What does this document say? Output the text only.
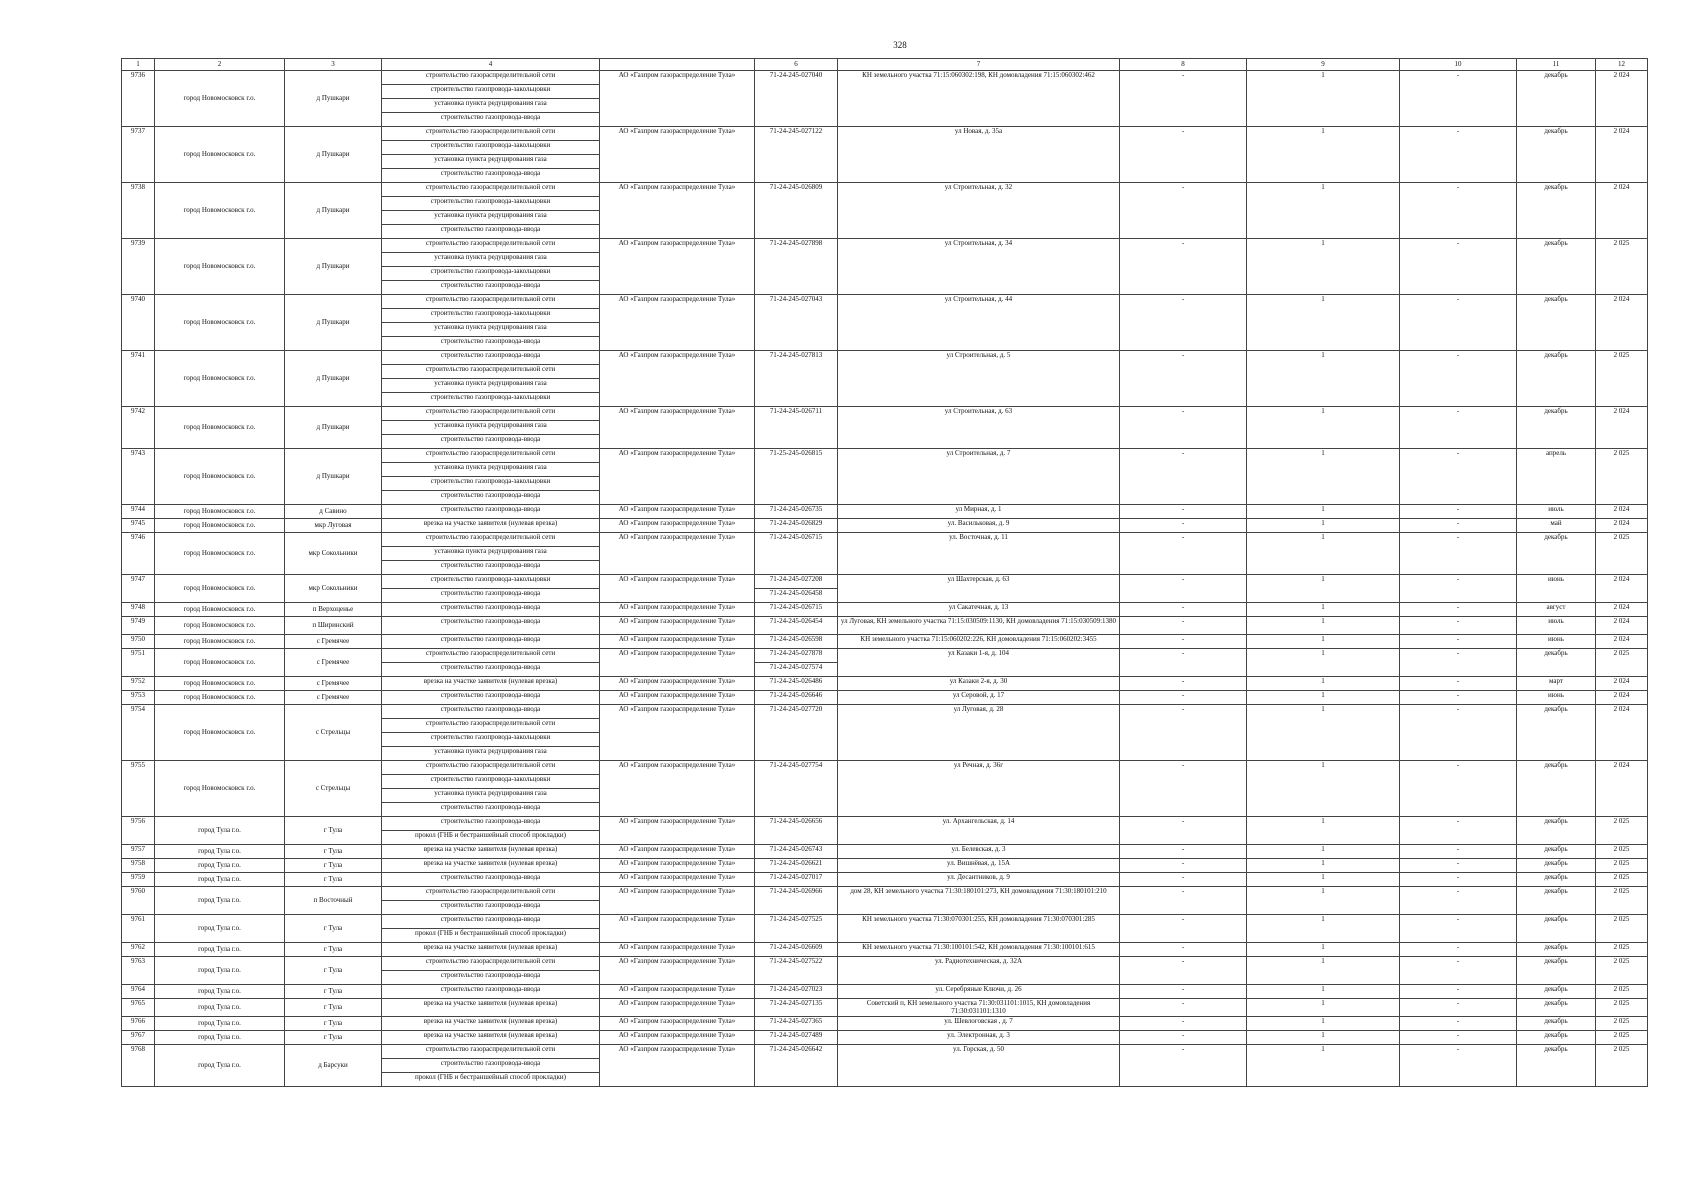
328
1	2	3	4		6	7	8	9	10	11	12
9736	город Новомосковск г.о.	д Пушкари	строительство газораспределительной сети	АО «Газпром газораспределение Тула»	71-24-245-027040	КН земельного участка 71:15:060302:198, КН домовладения 71:15:060302:462	-	1	-	декабрь	2 024
			строительство газопровода-закольцовки								
			установка пункта редуцирования газа								
			строительство газопровода-ввода								
9737	город Новомосковск г.о.	д Пушкари	строительство газораспределительной сети	АО «Газпром газораспределение Тула»	71-24-245-027122	ул Новая, д. 35а	-	1	-	декабрь	2 024
			строительство газопровода-закольцовки								
			установка пункта редуцирования газа								
			строительство газопровода-ввода								
9738	город Новомосковск г.о.	д Пушкари	строительство газораспределительной сети	АО «Газпром газораспределение Тула»	71-24-245-026809	ул Строительная, д. 32	-	1	-	декабрь	2 024
			строительство газопровода-закольцовки								
			установка пункта редуцирования газа								
			строительство газопровода-ввода								
9739	город Новомосковск г.о.	д Пушкари	строительство газораспределительной сети	АО «Газпром газораспределение Тула»	71-24-245-027898	ул Строительная, д. 34	-	1	-	декабрь	2 025
			установка пункта редуцирования газа								
			строительство газопровода-закольцовки								
			строительство газопровода-ввода								
9740	город Новомосковск г.о.	д Пушкари	строительство газораспределительной сети	АО «Газпром газораспределение Тула»	71-24-245-027043	ул Строительная, д. 44	-	1	-	декабрь	2 024
			строительство газопровода-закольцовки								
			установка пункта редуцирования газа								
			строительство газопровода-ввода								
9741	город Новомосковск г.о.	д Пушкари	строительство газопровода-ввода	АО «Газпром газораспределение Тула»	71-24-245-027813	ул Строительная, д. 5	-	1	-	декабрь	2 025
			строительство газораспределительной сети								
			установка пункта редуцирования газа								
			строительство газопровода-закольцовки								
9742	город Новомосковск г.о.	д Пушкари	строительство газораспределительной сети	АО «Газпром газораспределение Тула»	71-24-245-026711	ул Строительная, д. 63	-	1	-	декабрь	2 024
			установка пункта редуцирования газа								
			строительство газопровода-ввода								
9743	город Новомосковск г.о.	д Пушкари	строительство газораспределительной сети	АО «Газпром газораспределение Тула»	71-25-245-026815	ул Строительная, д. 7	-	1	-	апрель	2 025
			установка пункта редуцирования газа								
			строительство газопровода-закольцовки								
			строительство газопровода-ввода								
9744	город Новомосковск г.о.	д Савино	строительство газопровода-ввода	АО «Газпром газораспределение Тула»	71-24-245-026735	ул Мирная, д. 1	-	1	-	июль	2 024
9745	город Новомосковск г.о.	мкр Луговая	врезка на участке заявителя (нулевая врезка)	АО «Газпром газораспределение Тула»	71-24-245-026829	ул. Васильковая, д. 9	-	1	-	май	2 024
9746	город Новомосковск г.о.	мкр Сокольники	строительство газораспределительной сети	АО «Газпром газораспределение Тула»	71-24-245-026715	ул. Восточная, д. 11	-	1	-	декабрь	2 025
			установка пункта редуцирования газа								
			строительство газопровода-ввода								
9747	город Новомосковск г.о.	мкр Сокольники	строительство газопровода-закольцовки	АО «Газпром газораспределение Тула»	71-24-245-027208	ул Шахтерская, д. 63	-	1	-	июнь	2 024
			строительство газопровода-ввода		71-24-245-026458						
9748	город Новомосковск г.о.	п Верхоценье	строительство газопровода-ввода	АО «Газпром газораспределение Тула»	71-24-245-026715	ул Сакатечная, д. 13	-	1	-	август	2 024
9749	город Новомосковск г.о.	п Ширинский	строительство газопровода-ввода	АО «Газпром газораспределение Тула»	71-24-245-026454	ул Луговая, КН земельного участка 71:15:030509:1130, КН домовладения 71:15:030509:1380	-	1	-	июль	2 024
9750	город Новомосковск г.о.	с Гремячее	строительство газопровода-ввода	АО «Газпром газораспределение Тула»	71-24-245-026598	КН земельного участка 71:15:060202:226, КН домовладения 71:15:060202:3455	-	1	-	июнь	2 024
9751	город Новомосковск г.о.	с Гремячее	строительство газораспределительной сети	АО «Газпром газораспределение Тула»	71-24-245-027878	ул Казаки 1-я, д. 104	-	1	-	декабрь	2 025
			строительство газопровода-ввода		71-24-245-027574						
9752	город Новомосковск г.о.	с Гремячее	врезка на участке заявителя (нулевая врезка)	АО «Газпром газораспределение Тула»	71-24-245-026486	ул Казаки 2-я, д. 30	-	1	-	март	2 024
9753	город Новомосковск г.о.	с Гремячее	строительство газопровода-ввода	АО «Газпром газораспределение Тула»	71-24-245-026646	ул Серовой, д. 17	-	1	-	июнь	2 024
9754	город Новомосковск г.о.	с Стрельцы	строительство газопровода-ввода	АО «Газпром газораспределение Тула»	71-24-245-027720	ул Луговая, д. 28	-	1	-	декабрь	2 024
			строительство газораспределительной сети								
			строительство газопровода-закольцовки								
			установка пункта редуцирования газа								
9755	город Новомосковск г.о.	с Стрельцы	строительство газораспределительной сети	АО «Газпром газораспределение Тула»	71-24-245-027754	ул Речная, д. 36г	-	1	-	декабрь	2 024
			строительство газопровода-закольцовки								
			установка пункта редуцирования газа								
			строительство газопровода-ввода								
9756	город Тула г.о.	г Тула	строительство газопровода-ввода	АО «Газпром газораспределение Тула»	71-24-245-026656	ул. Архангельская, д. 14	-	1	-	декабрь	2 025
			прокол (ГНБ и бестраншейный способ прокладки)								
9757	город Тула г.о.	г Тула	врезка на участке заявителя (нулевая врезка)	АО «Газпром газораспределение Тула»	71-24-245-026743	ул. Белевская, д. 3	-	1	-	декабрь	2 025
9758	город Тула г.о.	г Тула	врезка на участке заявителя (нулевая врезка)	АО «Газпром газораспределение Тула»	71-24-245-026621	ул. Вишнёвая, д. 15А	-	1	-	декабрь	2 025
9759	город Тула г.о.	г Тула	строительство газопровода-ввода	АО «Газпром газораспределение Тула»	71-24-245-027017	ул. Десантников, д. 9	-	1	-	декабрь	2 025
9760	город Тула г.о.	п Восточный	строительство газораспределительной сети	АО «Газпром газораспределение Тула»	71-24-245-026966	дом 28, КН земельного участка 71:30:180101:273, КН домовладения 71:30:180101:210	-	1	-	декабрь	2 025
			строительство газопровода-ввода								
9761	город Тула г.о.	г Тула	строительство газопровода-ввода	АО «Газпром газораспределение Тула»	71-24-245-027525	КН земельного участка 71:30:070301:255, КН домовладения 71:30:070301:285	-	1	-	декабрь	2 025
			прокол (ГНБ и бестраншейный способ прокладки)								
9762	город Тула г.о.	г Тула	врезка на участке заявителя (нулевая врезка)	АО «Газпром газораспределение Тула»	71-24-245-026609	КН земельного участка 71:30:100101:542, КН домовладения 71:30:100101:615	-	1	-	декабрь	2 025
9763	город Тула г.о.	г Тула	строительство газораспределительной сети	АО «Газпром газораспределение Тула»	71-24-245-027522	ул. Радиотехническая, д. 32А	-	1	-	декабрь	2 025
			строительство газопровода-ввода								
9764	город Тула г.о.	г Тула	строительство газопровода-ввода	АО «Газпром газораспределение Тула»	71-24-245-027023	ул. Серебряные Ключи, д. 26	-	1	-	декабрь	2 025
9765	город Тула г.о.	г Тула	врезка на участке заявителя (нулевая врезка)	АО «Газпром газораспределение Тула»	71-24-245-027135	Советский п, КН земельного участка 71:30:031101:1015, КН домовладения 71:30:031101:1310	-	1	-	декабрь	2 025
9766	город Тула г.о.	г Тула	врезка на участке заявителя (нулевая врезка)	АО «Газпром газораспределение Тула»	71-24-245-027365	ул. Шевлоговская , д. 7	-	1	-	декабрь	2 025
9767	город Тула г.о.	г Тула	врезка на участке заявителя (нулевая врезка)	АО «Газпром газораспределение Тула»	71-24-245-027489	ул. Электронная, д. 3	-	1	-	декабрь	2 025
9768	город Тула г.о.	д Барсуки	строительство газораспределительной сети	АО «Газпром газораспределение Тула»	71-24-245-026642	ул. Горская, д. 50	-	1	-	декабрь	2 025
			строительство газопровода-ввода								
			прокол (ГНБ и бестраншейный способ прокладки)								
